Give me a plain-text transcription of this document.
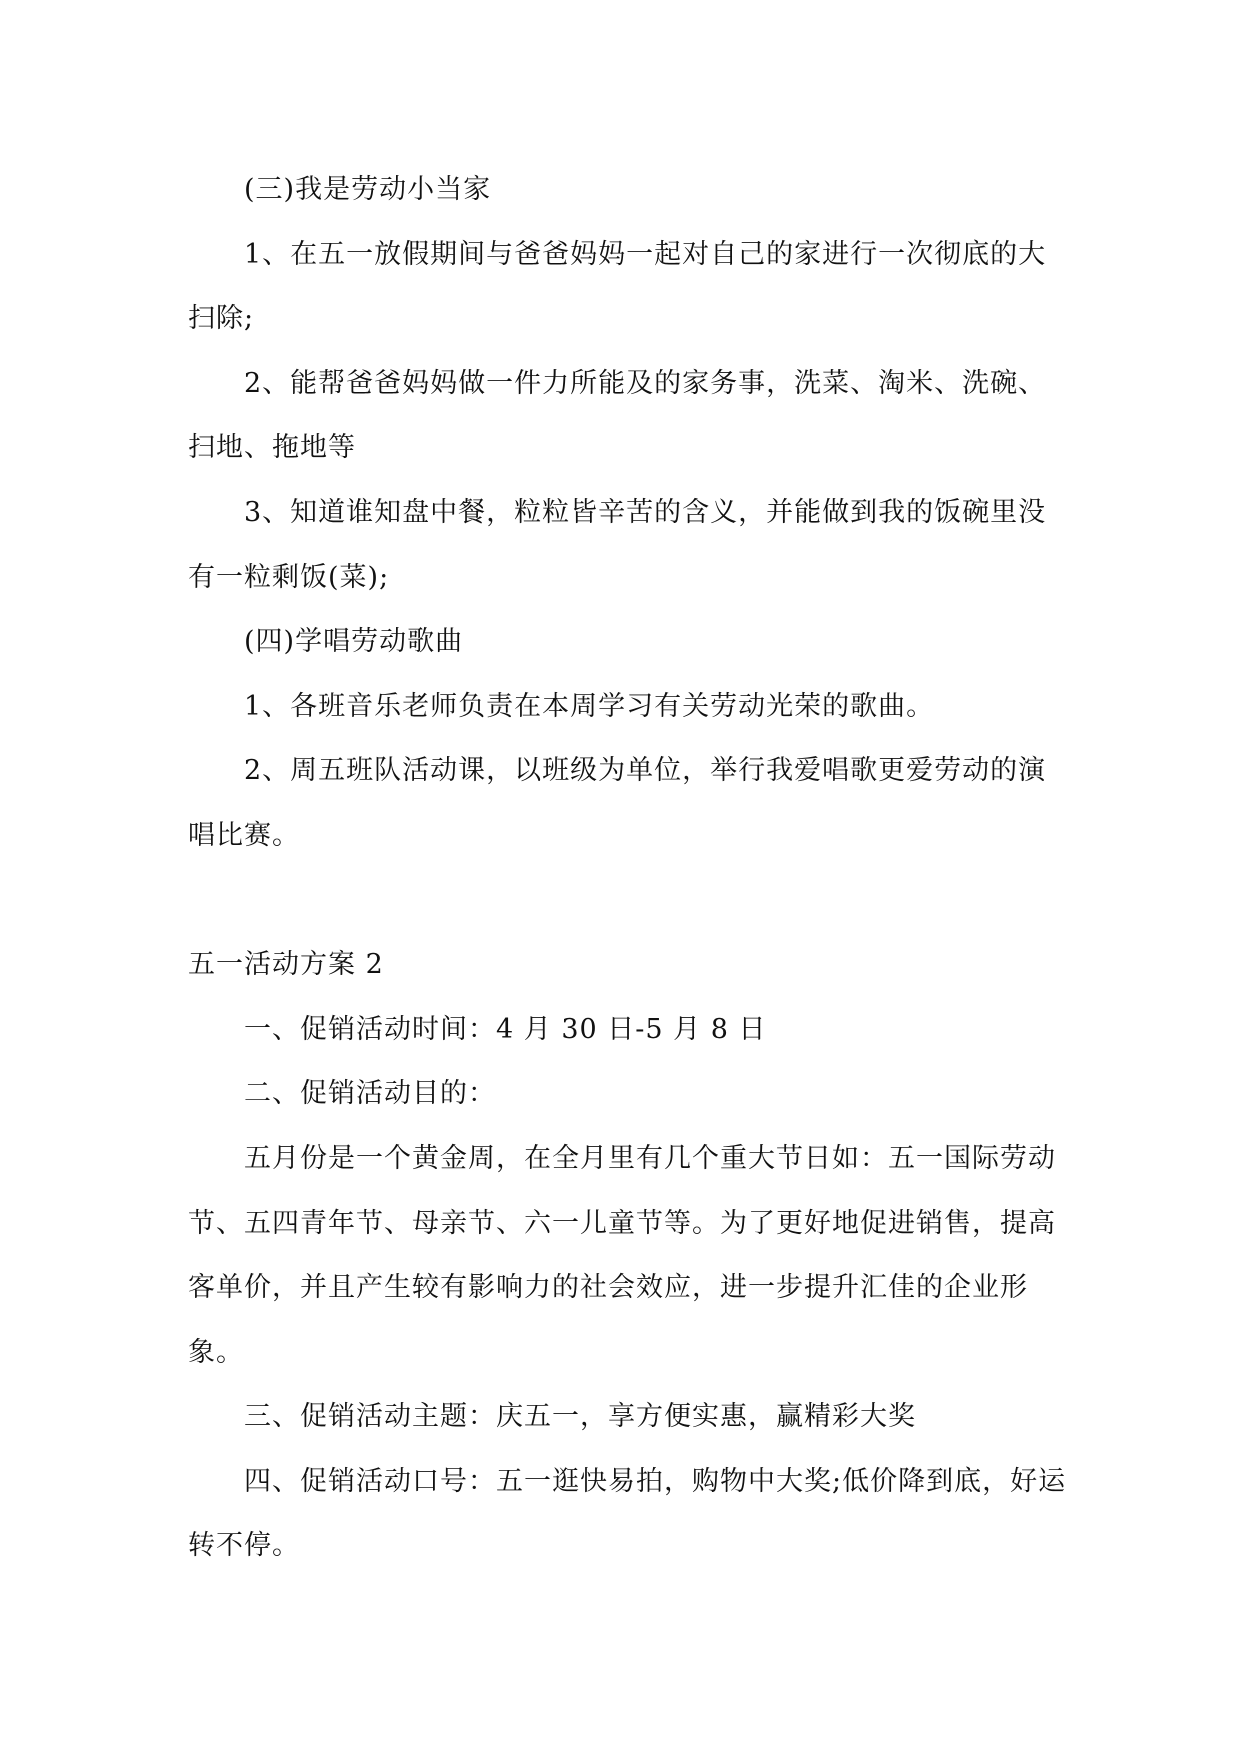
(三)我是劳动小当家

1、在五一放假期间与爸爸妈妈一起对自己的家进行一次彻底的大扫除;

2、能帮爸爸妈妈做一件力所能及的家务事，洗菜、淘米、洗碗、扫地、拖地等

3、知道谁知盘中餐，粒粒皆辛苦的含义，并能做到我的饭碗里没有一粒剩饭(菜);

(四)学唱劳动歌曲

1、各班音乐老师负责在本周学习有关劳动光荣的歌曲。

2、周五班队活动课，以班级为单位，举行我爱唱歌更爱劳动的演唱比赛。

五一活动方案 2

一、促销活动时间：4 月 30 日-5 月 8 日

二、促销活动目的：

五月份是一个黄金周，在全月里有几个重大节日如：五一国际劳动节、五四青年节、母亲节、六一儿童节等。为了更好地促进销售，提高客单价，并且产生较有影响力的社会效应，进一步提升汇佳的企业形象。

三、促销活动主题：庆五一，享方便实惠，赢精彩大奖

四、促销活动口号：五一逛快易拍，购物中大奖;低价降到底，好运转不停。
